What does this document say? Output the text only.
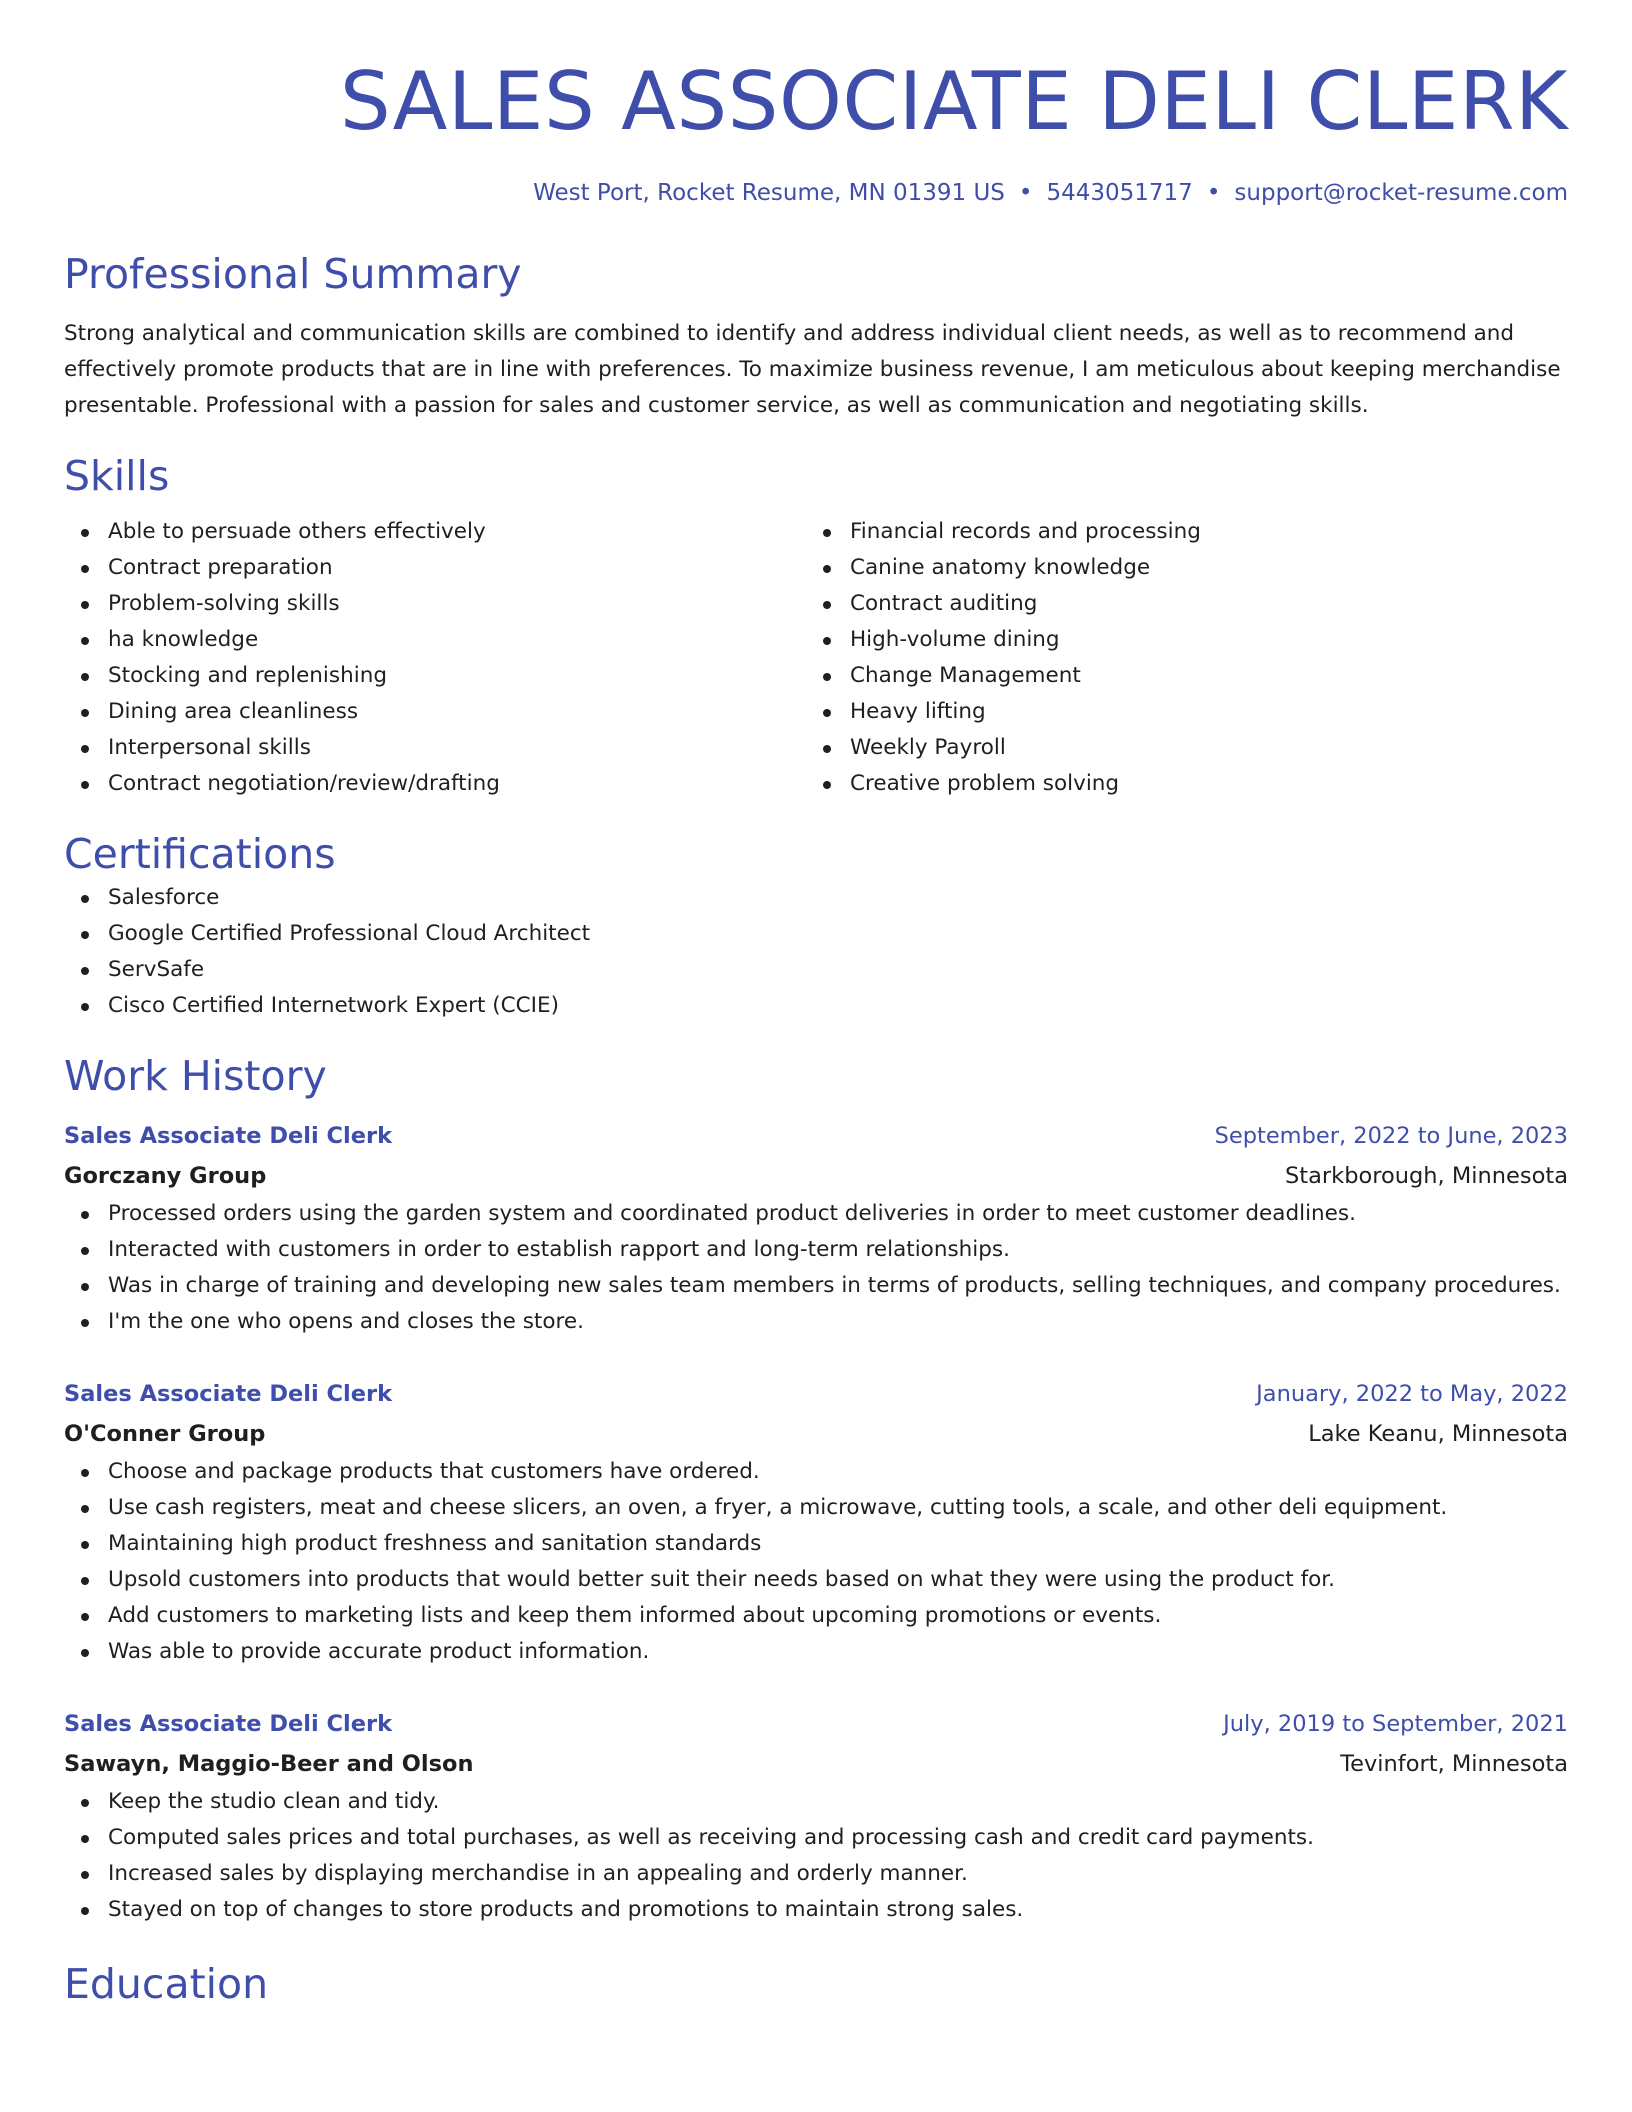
SALES ASSOCIATE DELI CLERK
West Port, Rocket Resume, MN 01391 US • 5443051717 • support@rocket-resume.com
Professional Summary

Strong analytical and communication skills are combined to identify and address individual client needs, as well as to recommend and effectively promote products that are in line with preferences. To maximize business revenue, I am meticulous about keeping merchandise presentable. Professional with a passion for sales and customer service, as well as communication and negotiating skills.

Skills
Able to persuade others effectively
Contract preparation
Problem-solving skills
ha knowledge
Stocking and replenishing
Dining area cleanliness
Interpersonal skills
Contract negotiation/review/drafting
Financial records and processing
Canine anatomy knowledge
Contract auditing
High-volume dining
Change Management
Heavy lifting
Weekly Payroll
Creative problem solving
Certifications
Salesforce
Google Certified Professional Cloud Architect
ServSafe
Cisco Certified Internetwork Expert (CCIE)
Work History
Sales Associate Deli Clerk	September, 2022 to June, 2023
Gorczany Group	Starkborough, Minnesota
Processed orders using the garden system and coordinated product deliveries in order to meet customer deadlines.
Interacted with customers in order to establish rapport and long-term relationships.
Was in charge of training and developing new sales team members in terms of products, selling techniques, and company procedures.
I'm the one who opens and closes the store.
Sales Associate Deli Clerk	January, 2022 to May, 2022
O'Conner Group	Lake Keanu, Minnesota
Choose and package products that customers have ordered.
Use cash registers, meat and cheese slicers, an oven, a fryer, a microwave, cutting tools, a scale, and other deli equipment.
Maintaining high product freshness and sanitation standards
Upsold customers into products that would better suit their needs based on what they were using the product for.
Add customers to marketing lists and keep them informed about upcoming promotions or events.
Was able to provide accurate product information.
Sales Associate Deli Clerk	July, 2019 to September, 2021
Sawayn, Maggio-Beer and Olson	Tevinfort, Minnesota
Keep the studio clean and tidy.
Computed sales prices and total purchases, as well as receiving and processing cash and credit card payments.
Increased sales by displaying merchandise in an appealing and orderly manner.
Stayed on top of changes to store products and promotions to maintain strong sales.
Education
